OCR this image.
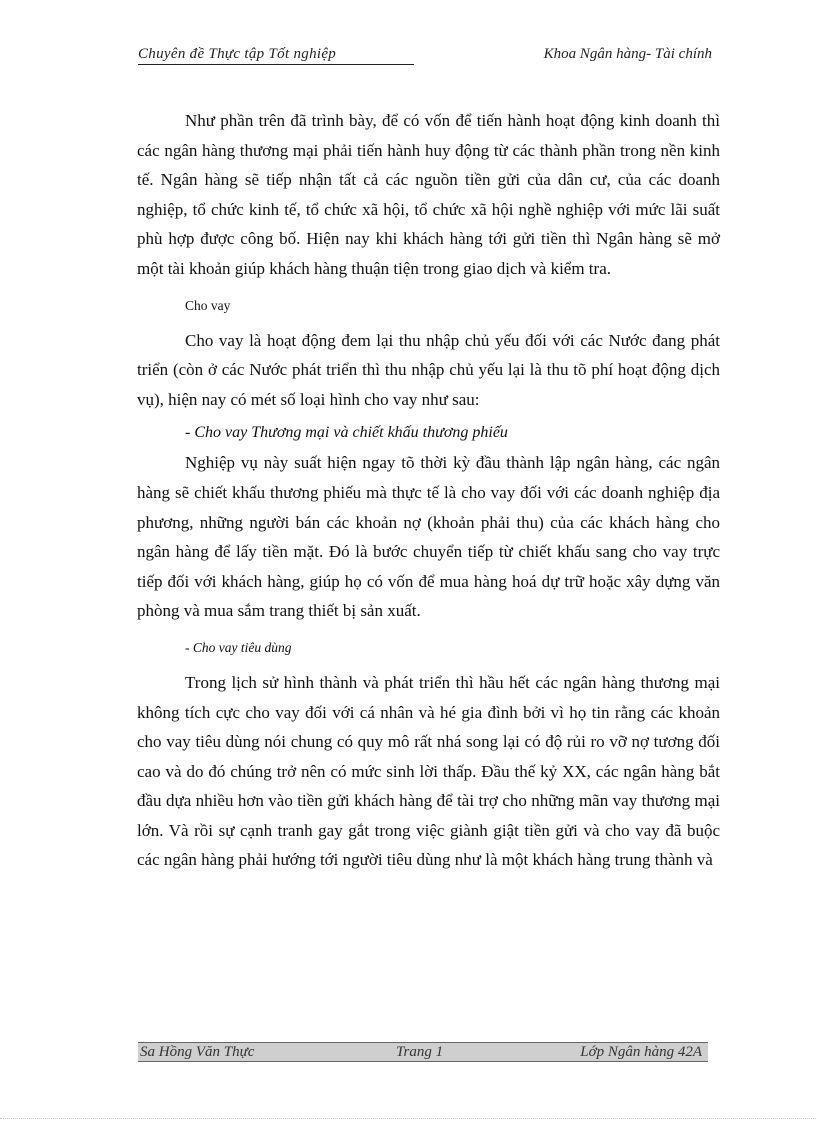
Chuyên đề Thực tập Tốt nghiệp	Khoa Ngân hàng- Tài chính

Như phần trên đã trình bày, để có vốn để tiến hành hoạt động kinh doanh thì các ngân hàng thương mại phải tiến hành huy động từ các thành phần trong nền kinh tế. Ngân hàng sẽ tiếp nhận tất cả các nguồn tiền gửi của dân cư, của các doanh nghiệp, tổ chức kinh tế, tổ chức xã hội, tổ chức xã hội nghề nghiệp với mức lãi suất phù hợp được công bố. Hiện nay khi khách hàng tới gửi tiền thì Ngân hàng sẽ mở một tài khoản giúp khách hàng thuận tiện trong giao dịch và kiểm tra.

Cho vay

Cho vay là hoạt động đem lại thu nhập chủ yếu đối với các Nước đang phát triển (còn ở các Nước phát triển thì thu nhập chủ yếu lại là thu tõ phí hoạt động dịch vụ), hiện nay có mét số loại hình cho vay như sau:

- Cho vay Thương mại và chiết khấu thương phiếu

Nghiệp vụ này suất hiện ngay tõ thời kỳ đầu thành lập ngân hàng, các ngân hàng sẽ chiết khấu thương phiếu mà thực tế là cho vay đối với các doanh nghiệp địa phương, những người bán các khoản nợ (khoản phải thu) của các khách hàng cho ngân hàng để lấy tiền mặt. Đó là bước chuyển tiếp từ chiết khấu sang cho vay trực tiếp đối với khách hàng, giúp họ có vốn để mua hàng hoá dự trữ hoặc xây dựng văn phòng và mua sắm trang thiết bị sản xuất.

- Cho vay tiêu dùng

Trong lịch sử hình thành và phát triển thì hầu hết các ngân hàng thương mại không tích cực cho vay đối với cá nhân và hé gia đình bởi vì họ tin rằng các khoản cho vay tiêu dùng nói chung có quy mô rất nhá song lại có độ rủi ro vỡ nợ tương đối cao và do đó chúng trở nên có mức sinh lời thấp. Đầu thế kỷ XX, các ngân hàng bắt đầu dựa nhiều hơn vào tiền gửi khách hàng để tài trợ cho những mãn vay thương mại lớn. Và rồi sự cạnh tranh gay gắt trong việc giành giật tiền gửi và cho vay đã buộc các ngân hàng phải hướng tới người tiêu dùng như là một khách hàng trung thành và

Sa Hồng Văn Thực	Trang 1	Lớp Ngân hàng 42A
